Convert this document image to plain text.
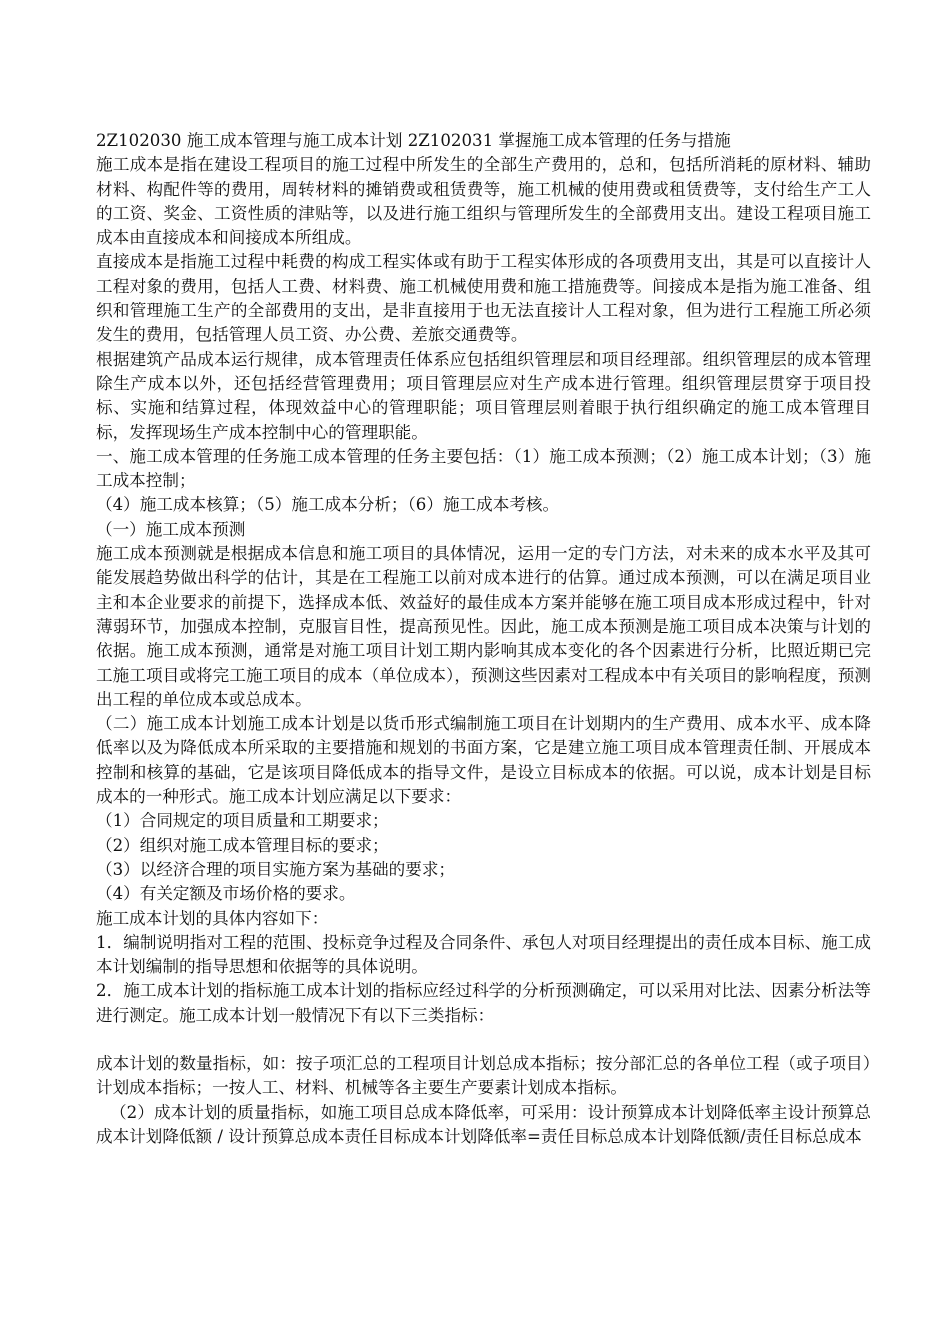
2Z102030 施工成本管理与施工成本计划 2Z102031 掌握施工成本管理的任务与措施

施工成本是指在建设工程项目的施工过程中所发生的全部生产费用的，总和，包括所消耗的原材料、辅助材料、构配件等的费用，周转材料的摊销费或租赁费等，施工机械的使用费或租赁费等，支付给生产工人的工资、奖金、工资性质的津贴等，以及进行施工组织与管理所发生的全部费用支出。建设工程项目施工成本由直接成本和间接成本所组成。

直接成本是指施工过程中耗费的构成工程实体或有助于工程实体形成的各项费用支出，其是可以直接计人工程对象的费用，包括人工费、材料费、施工机械使用费和施工措施费等。间接成本是指为施工准备、组织和管理施工生产的全部费用的支出，是非直接用于也无法直接计人工程对象，但为进行工程施工所必须发生的费用，包括管理人员工资、办公费、差旅交通费等。

根据建筑产品成本运行规律，成本管理责任体系应包括组织管理层和项目经理部。组织管理层的成本管理除生产成本以外，还包括经营管理费用；项目管理层应对生产成本进行管理。组织管理层贯穿于项目投标、实施和结算过程，体现效益中心的管理职能；项目管理层则着眼于执行组织确定的施工成本管理目标，发挥现场生产成本控制中心的管理职能。

一、施工成本管理的任务施工成本管理的任务主要包括：（1）施工成本预测；（2）施工成本计划；（3）施工成本控制；

（4）施工成本核算；（5）施工成本分析；（6）施工成本考核。

（一）施工成本预测

施工成本预测就是根据成本信息和施工项目的具体情况，运用一定的专门方法，对未来的成本水平及其可能发展趋势做出科学的估计，其是在工程施工以前对成本进行的估算。通过成本预测，可以在满足项目业主和本企业要求的前提下，选择成本低、效益好的最佳成本方案并能够在施工项目成本形成过程中，针对薄弱环节，加强成本控制，克服盲目性，提高预见性。因此，施工成本预测是施工项目成本决策与计划的依据。施工成本预测，通常是对施工项目计划工期内影响其成本变化的各个因素进行分析，比照近期已完工施工项目或将完工施工项目的成本（单位成本），预测这些因素对工程成本中有关项目的影响程度，预测出工程的单位成本或总成本。

（二）施工成本计划施工成本计划是以货币形式编制施工项目在计划期内的生产费用、成本水平、成本降低率以及为降低成本所采取的主要措施和规划的书面方案，它是建立施工项目成本管理责任制、开展成本控制和核算的基础，它是该项目降低成本的指导文件，是设立目标成本的依据。可以说，成本计划是目标成本的一种形式。施工成本计划应满足以下要求：

（1）合同规定的项目质量和工期要求；

（2）组织对施工成本管理目标的要求；

（3）以经济合理的项目实施方案为基础的要求；

（4）有关定额及市场价格的要求。

施工成本计划的具体内容如下：

1．编制说明指对工程的范围、投标竞争过程及合同条件、承包人对项目经理提出的责任成本目标、施工成本计划编制的指导思想和依据等的具体说明。

2．施工成本计划的指标施工成本计划的指标应经过科学的分析预测确定，可以采用对比法、因素分析法等进行测定。施工成本计划一般情况下有以下三类指标：

成本计划的数量指标，如：按子项汇总的工程项目计划总成本指标；按分部汇总的各单位工程（或子项目）计划成本指标；一按人工、材料、机械等各主要生产要素计划成本指标。

（2）成本计划的质量指标，如施工项目总成本降低率，可采用：设计预算成本计划降低率主设计预算总成本计划降低额 / 设计预算总成本责任目标成本计划降低率=责任目标总成本计划降低额/责任目标总成本
